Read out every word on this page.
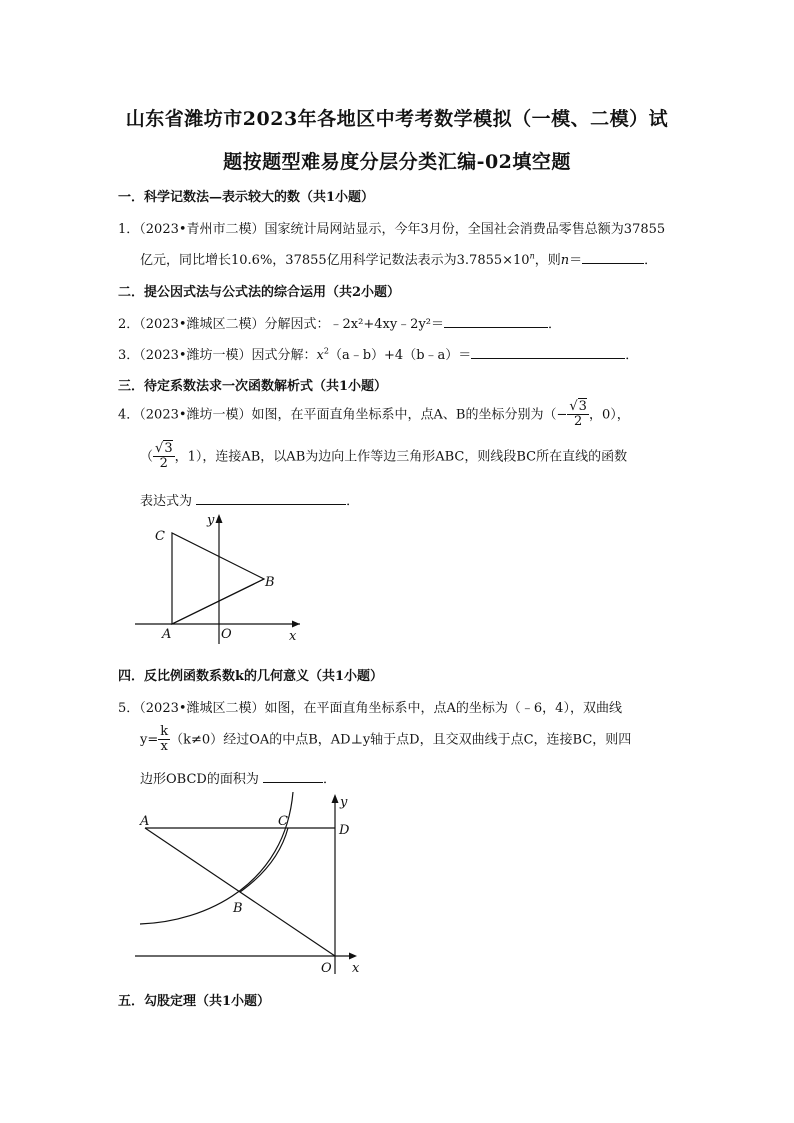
山东省潍坊市2023年各地区中考考数学模拟（一模、二模）试
题按题型难易度分层分类汇编-02填空题
一．科学记数法—表示较大的数（共1小题）
1．（2023•青州市二模）国家统计局网站显示，今年3月份，全国社会消费品零售总额为37855
亿元，同比增长10.6%，37855亿用科学记数法表示为$3.7855\times 10^n$，则n＝	．
二．提公因式法与公式法的综合运用（共2小题）
2．（2023•潍城区二模）分解因式：﹣2x²+4xy﹣2y²＝	．
3．（2023•潍坊一模）因式分解：$x^2(a﹣b)+4(b﹣a)=$	．
三．待定系数法求一次函数解析式（共1小题）
4．（2023•潍坊一模）如图，在平面直角坐标系中，点A、B的坐标分别为（− $\frac{√3}{2}$ ，0），
（ $\frac{√3}{2}$ ，1），连接AB，以AB为边向上作等边三角形ABC，则线段BC所在直线的函数
表达式为	．
C
B
A	O	x
y
四．反比例函数系数k的几何意义（共1小题）
5．（2023•潍城区二模）如图，在平面直角坐标系中，点A的坐标为（﹣6，4），双曲线
$y= \frac{k}{x} (k\ne 0)$经过OA的中点B，AD⊥y轴于点D，且交双曲线于点C，连接BC，则四
边形OBCD的面积为	．
A	C
D
B
O x
y
五．勾股定理（共1小题）
